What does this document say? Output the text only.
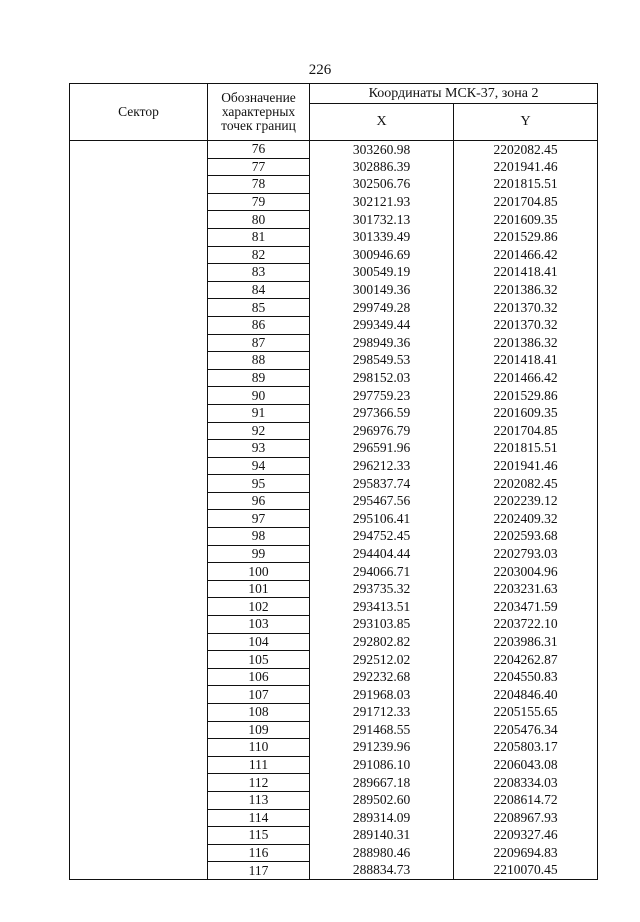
226
Сектор	Обозначение характерных точек границ	Координаты МСК-37, зона 2	
		X	Y
	76	303260.98	2202082.45
	77	302886.39	2201941.46
	78	302506.76	2201815.51
	79	302121.93	2201704.85
	80	301732.13	2201609.35
	81	301339.49	2201529.86
	82	300946.69	2201466.42
	83	300549.19	2201418.41
	84	300149.36	2201386.32
	85	299749.28	2201370.32
	86	299349.44	2201370.32
	87	298949.36	2201386.32
	88	298549.53	2201418.41
	89	298152.03	2201466.42
	90	297759.23	2201529.86
	91	297366.59	2201609.35
	92	296976.79	2201704.85
	93	296591.96	2201815.51
	94	296212.33	2201941.46
	95	295837.74	2202082.45
	96	295467.56	2202239.12
	97	295106.41	2202409.32
	98	294752.45	2202593.68
	99	294404.44	2202793.03
	100	294066.71	2203004.96
	101	293735.32	2203231.63
	102	293413.51	2203471.59
	103	293103.85	2203722.10
	104	292802.82	2203986.31
	105	292512.02	2204262.87
	106	292232.68	2204550.83
	107	291968.03	2204846.40
	108	291712.33	2205155.65
	109	291468.55	2205476.34
	110	291239.96	2205803.17
	111	291086.10	2206043.08
	112	289667.18	2208334.03
	113	289502.60	2208614.72
	114	289314.09	2208967.93
	115	289140.31	2209327.46
	116	288980.46	2209694.83
	117	288834.73	2210070.45
